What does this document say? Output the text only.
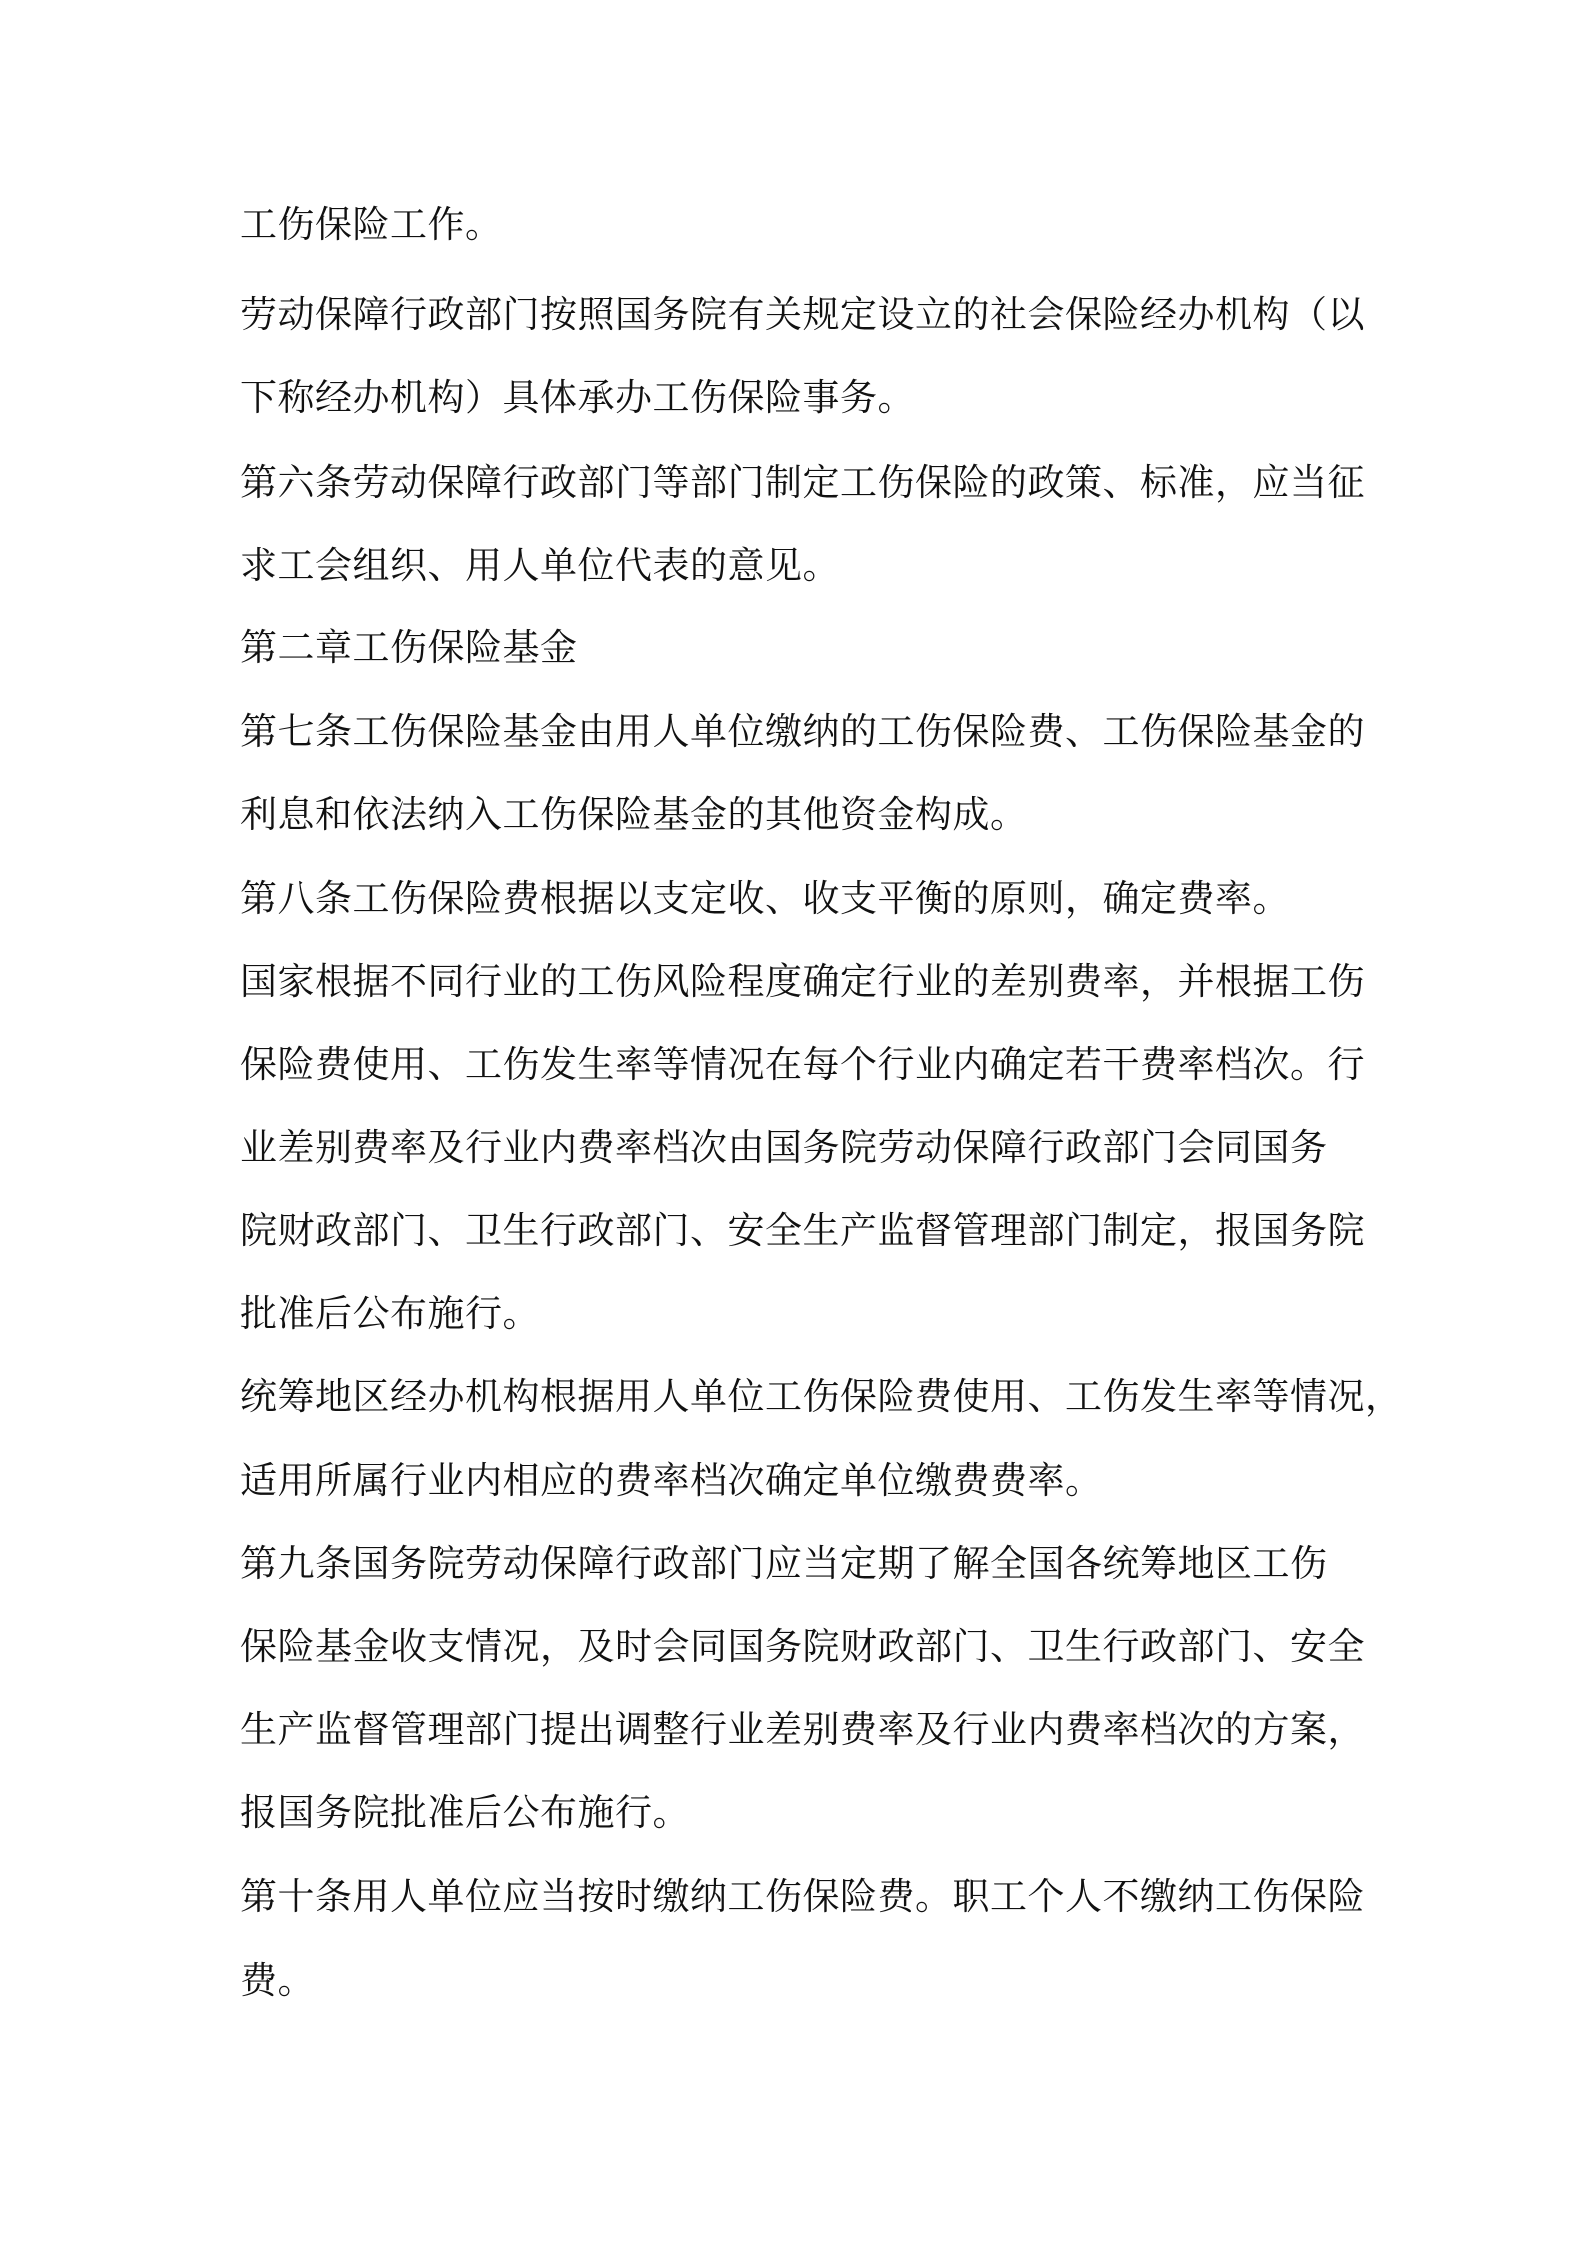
工伤保险工作。

劳动保障行政部门按照国务院有关规定设立的社会保险经办机构（以

下称经办机构）具体承办工伤保险事务。

第六条劳动保障行政部门等部门制定工伤保险的政策、标准，应当征

求工会组织、用人单位代表的意见。

第二章工伤保险基金

第七条工伤保险基金由用人单位缴纳的工伤保险费、工伤保险基金的

利息和依法纳入工伤保险基金的其他资金构成。

第八条工伤保险费根据以支定收、收支平衡的原则，确定费率。

国家根据不同行业的工伤风险程度确定行业的差别费率，并根据工伤

保险费使用、工伤发生率等情况在每个行业内确定若干费率档次。行

业差别费率及行业内费率档次由国务院劳动保障行政部门会同国务

院财政部门、卫生行政部门、安全生产监督管理部门制定，报国务院

批准后公布施行。

统筹地区经办机构根据用人单位工伤保险费使用、工伤发生率等情况，

适用所属行业内相应的费率档次确定单位缴费费率。

第九条国务院劳动保障行政部门应当定期了解全国各统筹地区工伤

保险基金收支情况，及时会同国务院财政部门、卫生行政部门、安全

生产监督管理部门提出调整行业差别费率及行业内费率档次的方案，

报国务院批准后公布施行。

第十条用人单位应当按时缴纳工伤保险费。职工个人不缴纳工伤保险

费。
